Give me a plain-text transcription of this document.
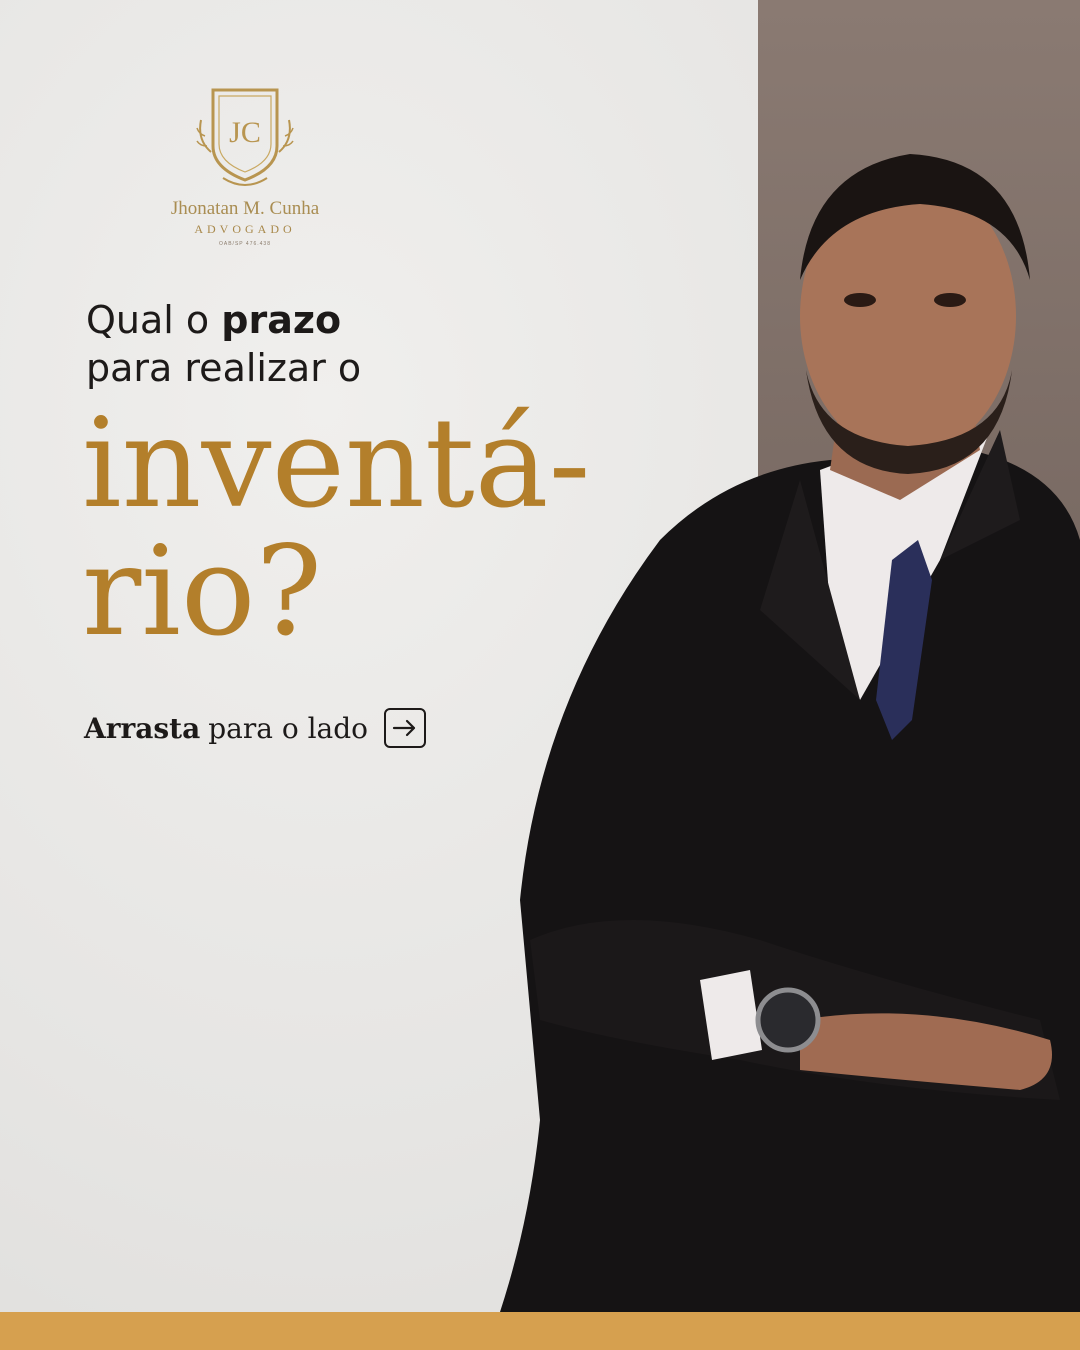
JC
Jhonatan M. Cunha
ADVOGADO
OAB/SP 476.438
Qual o prazo
para realizar o
inventá-
rio?
Arrasta para o lado
